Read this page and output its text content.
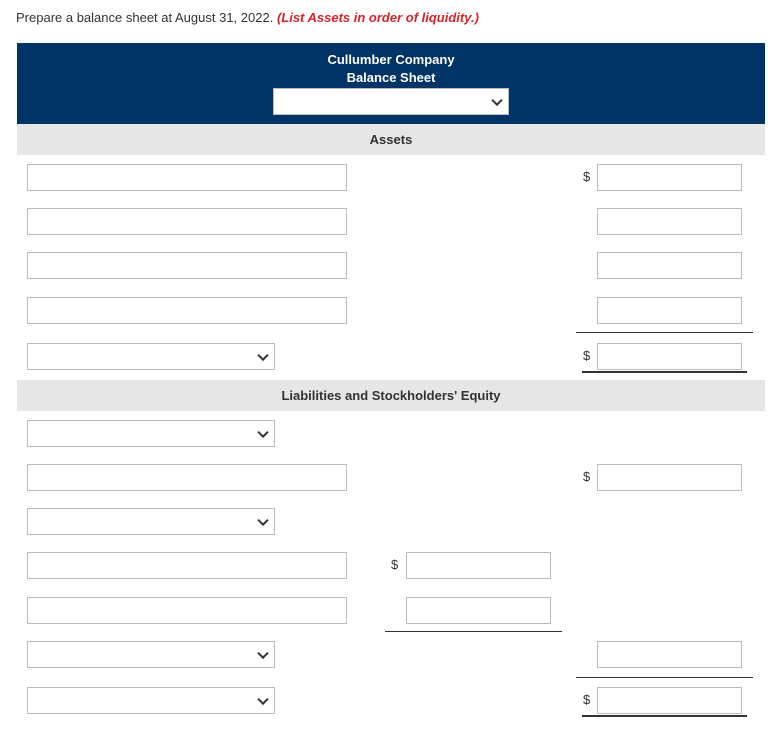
Prepare a balance sheet at August 31, 2022. (List Assets in order of liquidity.)
Cullumber Company
Balance Sheet
Assets
$
$
Liabilities and Stockholders' Equity
$
$
$
